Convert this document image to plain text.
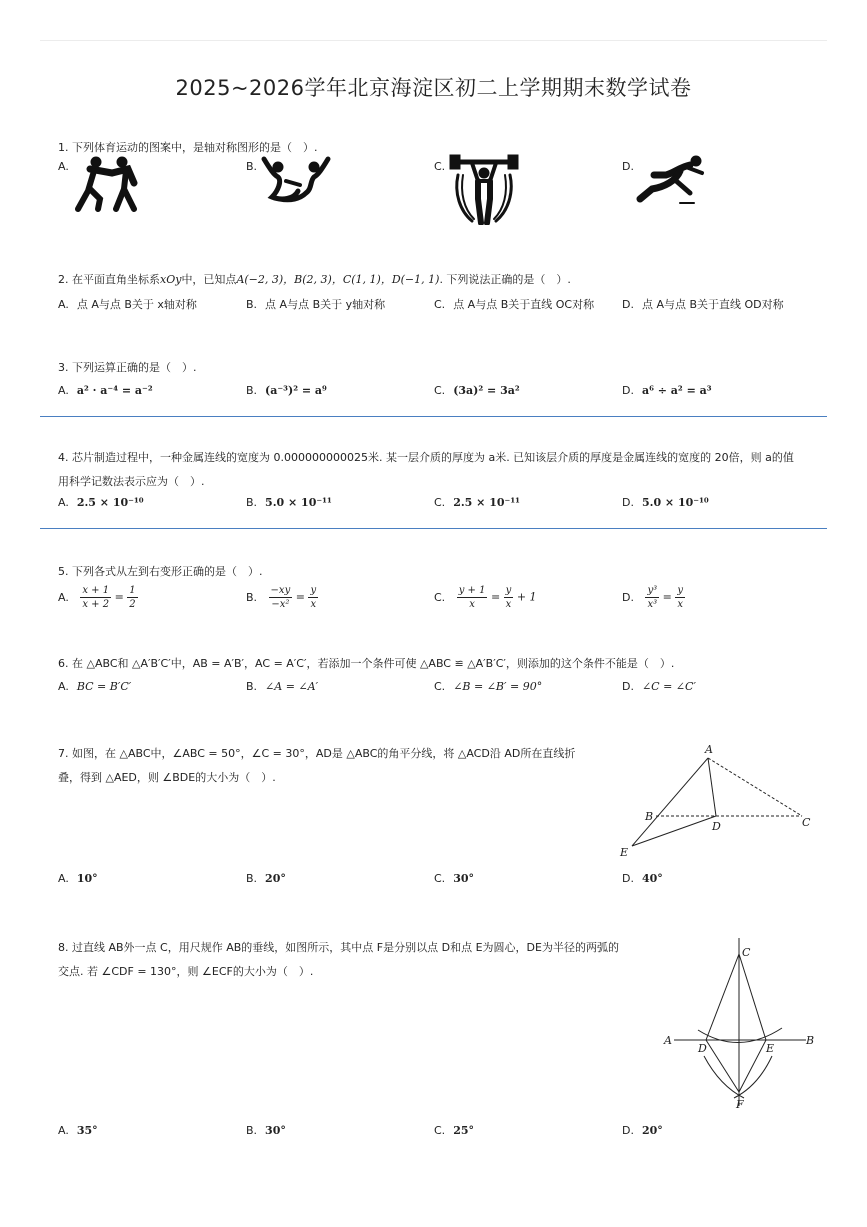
2025~2026学年北京海淀区初二上学期期末数学试卷
1. 下列体育运动的图案中，是轴对称图形的是（　）.
A.	B.	C.	D.
2. 在平面直角坐标系xOy中，已知点A(−2, 3)，B(2, 3)，C(1, 1)，D(−1, 1). 下列说法正确的是（　）.
A. 点 A与点 B关于 x轴对称	B. 点 A与点 B关于 y轴对称	C. 点 A与点 B关于直线 OC对称	D. 点 A与点 B关于直线 OD对称
3. 下列运算正确的是（　）.
A. a² · a⁻⁴ = a⁻²	B. (a⁻³)² = a⁹	C. (3a)² = 3a²	D. a⁶ ÷ a² = a³
4. 芯片制造过程中，一种金属连线的宽度为 0.000000000025米. 某一层介质的厚度为 a米. 已知该层介质的厚度是金属连线的宽度的 20倍，则 a的值
用科学记数法表示应为（　）.
A. 2.5 × 10⁻¹⁰	B. 5.0 × 10⁻¹¹	C. 2.5 × 10⁻¹¹	D. 5.0 × 10⁻¹⁰
5. 下列各式从左到右变形正确的是（　）.
A. $\frac{x + 1}{x + 2} = \frac{1}{2}$	B. $\frac{-xy}{\text{−x²}} = \frac{y}{x}$	C. $\frac{y + 1}{x} = \frac{y}{x} + 1$	D. $\frac{\text{y³}}{\text{x³}} = \frac{y}{x}$
6. 在 △ABC和 △A′B′C′中，AB = A′B′，AC = A′C′，若添加一个条件可使 △ABC ≌ △A′B′C′，则添加的这个条件不能是（　）.
A. BC = B′C′	B. ∠A = ∠A′	C. ∠B = ∠B′ = 90°	D. ∠C = ∠C′
7. 如图，在 △ABC中，∠ABC = 50°，∠C = 30°，AD是 △ABC的角平分线，将 △ACD沿 AD所在直线折
叠，得到 △AED，则 ∠BDE的大小为（　）.
A
B	C
D
E
A. 10°	B. 20°	C. 30°	D. 40°
8. 过直线 AB外一点 C，用尺规作 AB的垂线，如图所示，其中点 F是分别以点 D和点 E为圆心，DE为半径的两弧的
交点. 若 ∠CDF = 130°，则 ∠ECF的大小为（　）.
C
A	B
D	E
F
A. 35°	B. 30°	C. 25°	D. 20°
